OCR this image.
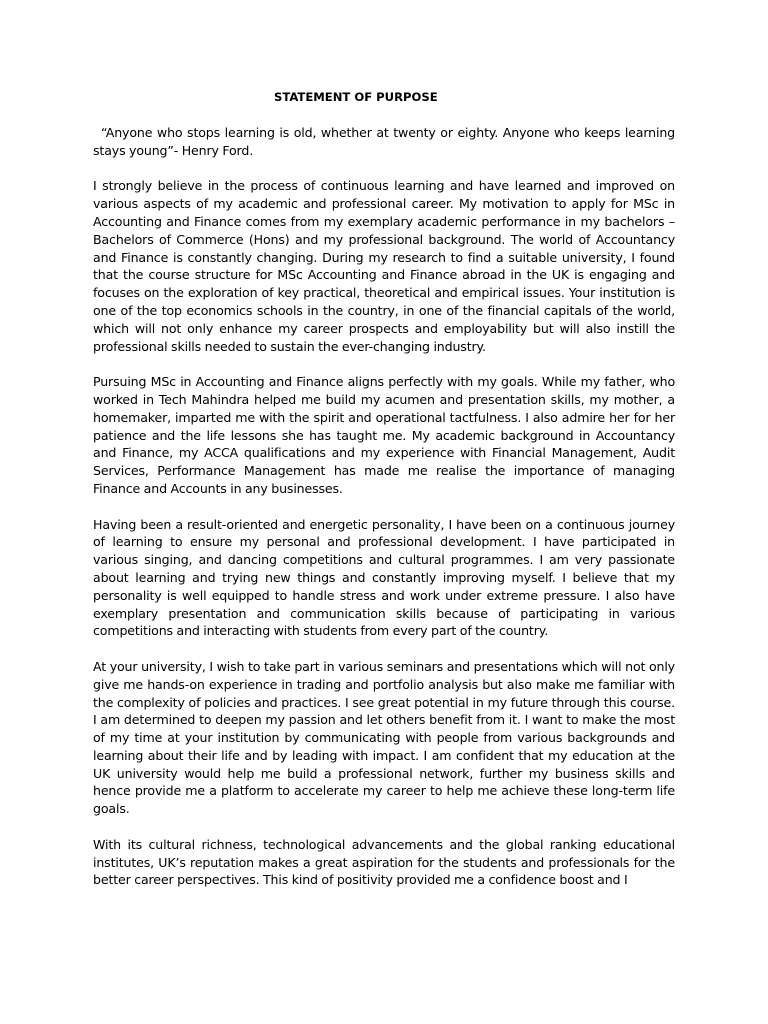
STATEMENT OF PURPOSE

“Anyone who stops learning is old, whether at twenty or eighty. Anyone who keeps learning stays young”- Henry Ford.

I strongly believe in the process of continuous learning and have learned and improved on various aspects of my academic and professional career. My motivation to apply for MSc in Accounting and Finance comes from my exemplary academic performance in my bachelors – Bachelors of Commerce (Hons) and my professional background. The world of Accountancy and Finance is constantly changing. During my research to find a suitable university, I found that the course structure for MSc Accounting and Finance abroad in the UK is engaging and focuses on the exploration of key practical, theoretical and empirical issues. Your institution is one of the top economics schools in the country, in one of the financial capitals of the world, which will not only enhance my career prospects and employability but will also instill the professional skills needed to sustain the ever-changing industry.

Pursuing MSc in Accounting and Finance aligns perfectly with my goals. While my father, who worked in Tech Mahindra helped me build my acumen and presentation skills, my mother, a homemaker, imparted me with the spirit and operational tactfulness. I also admire her for her patience and the life lessons she has taught me. My academic background in Accountancy and Finance, my ACCA qualifications and my experience with Financial Management, Audit Services, Performance Management has made me realise the importance of managing Finance and Accounts in any businesses.

Having been a result-oriented and energetic personality, I have been on a continuous journey of learning to ensure my personal and professional development. I have participated in various singing, and dancing competitions and cultural programmes. I am very passionate about learning and trying new things and constantly improving myself. I believe that my personality is well equipped to handle stress and work under extreme pressure. I also have exemplary presentation and communication skills because of participating in various competitions and interacting with students from every part of the country.

At your university, I wish to take part in various seminars and presentations which will not only give me hands-on experience in trading and portfolio analysis but also make me familiar with the complexity of policies and practices. I see great potential in my future through this course. I am determined to deepen my passion and let others benefit from it. I want to make the most of my time at your institution by communicating with people from various backgrounds and learning about their life and by leading with impact. I am confident that my education at the UK university would help me build a professional network, further my business skills and hence provide me a platform to accelerate my career to help me achieve these long-term life goals.

With its cultural richness, technological advancements and the global ranking educational institutes, UK’s reputation makes a great aspiration for the students and professionals for the better career perspectives. This kind of positivity provided me a confidence boost and I
